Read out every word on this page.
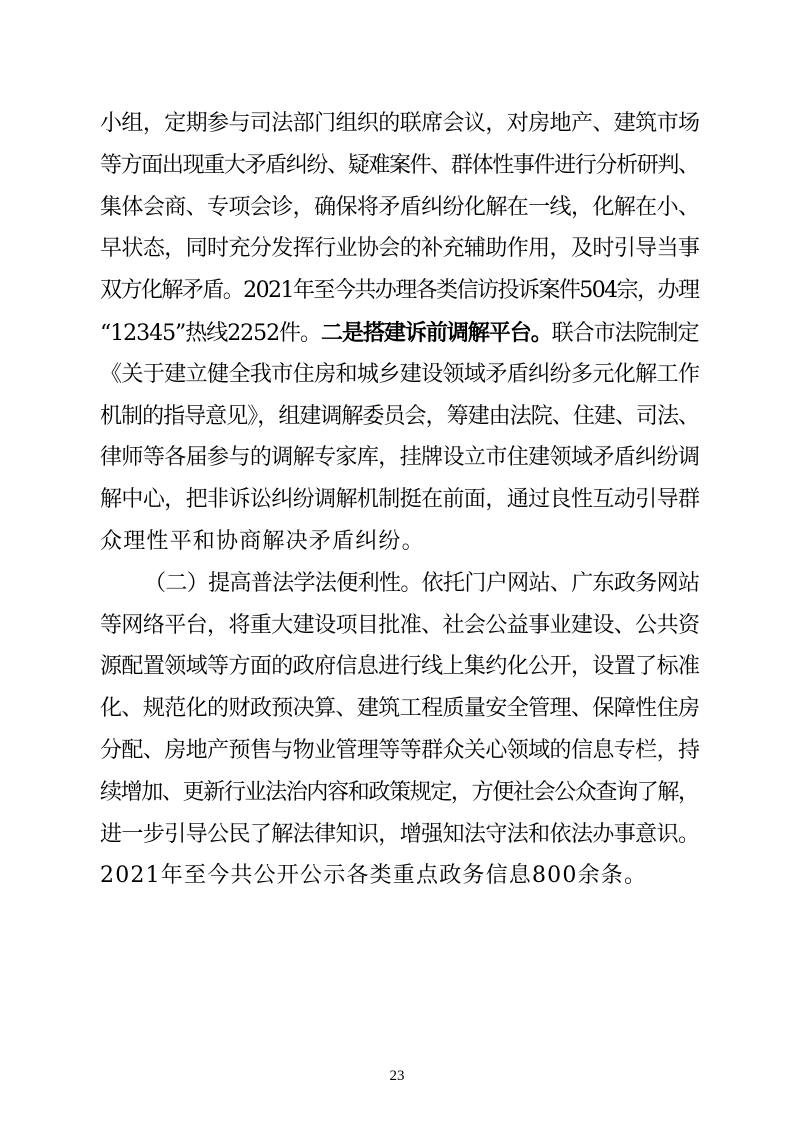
小组，定期参与司法部门组织的联席会议，对房地产、建筑市场
等方面出现重大矛盾纠纷、疑难案件、群体性事件进行分析研判、
集体会商、专项会诊，确保将矛盾纠纷化解在一线，化解在小、
早状态，同时充分发挥行业协会的补充辅助作用，及时引导当事
双方化解矛盾。2021年至今共办理各类信访投诉案件504宗，办理
“12345”热线2252件。二是搭建诉前调解平台。联合市法院制定
《关于建立健全我市住房和城乡建设领域矛盾纠纷多元化解工作
机制的指导意见》，组建调解委员会，筹建由法院、住建、司法、
律师等各届参与的调解专家库，挂牌设立市住建领域矛盾纠纷调
解中心，把非诉讼纠纷调解机制挺在前面，通过良性互动引导群
众理性平和协商解决矛盾纠纷。
（二）提高普法学法便利性。依托门户网站、广东政务网站
等网络平台，将重大建设项目批准、社会公益事业建设、公共资
源配置领域等方面的政府信息进行线上集约化公开，设置了标准
化、规范化的财政预决算、建筑工程质量安全管理、保障性住房
分配、房地产预售与物业管理等等群众关心领域的信息专栏，持
续增加、更新行业法治内容和政策规定，方便社会公众查询了解，
进一步引导公民了解法律知识，增强知法守法和依法办事意识。
2021年至今共公开公示各类重点政务信息800余条。
23
